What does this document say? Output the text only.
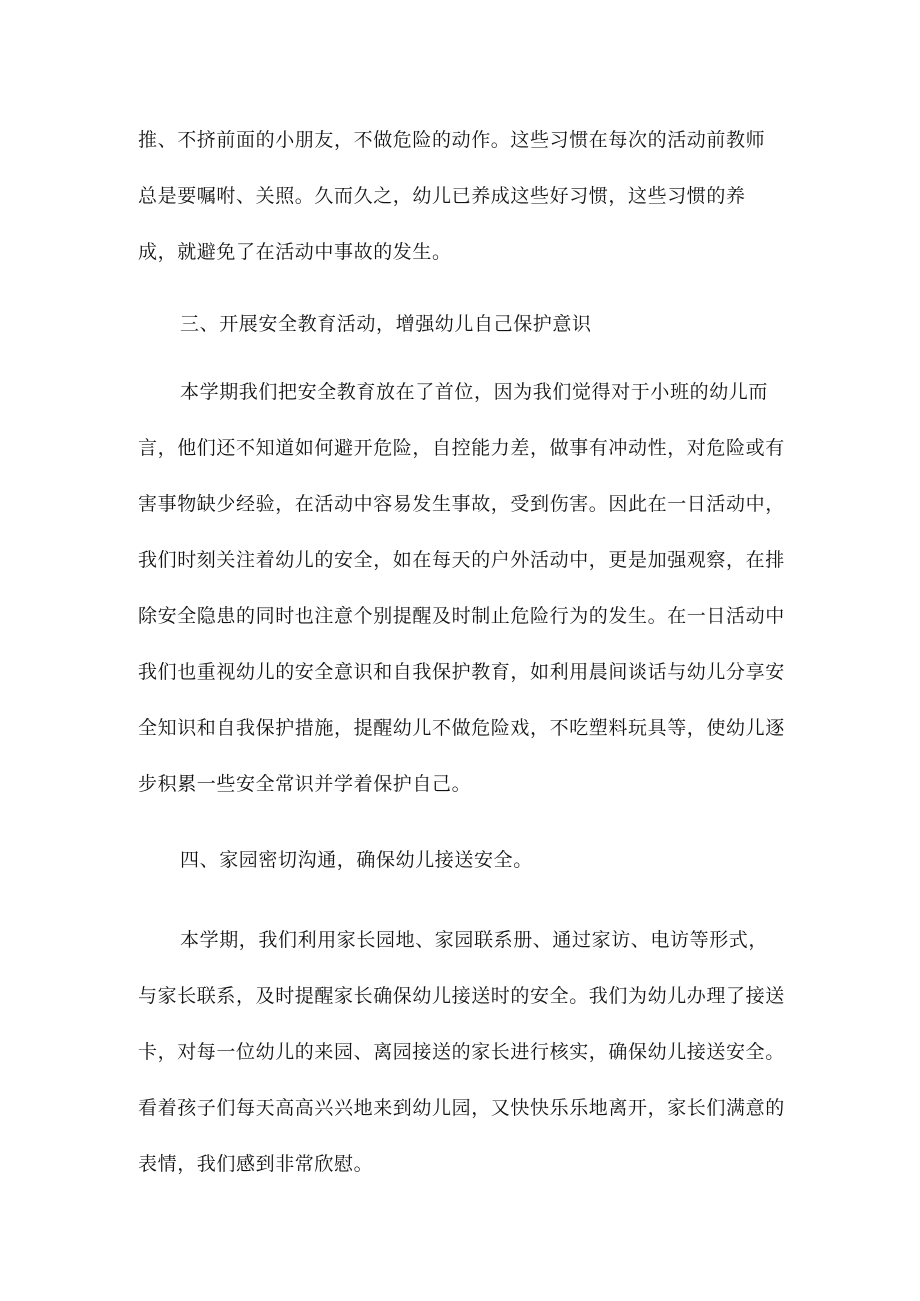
推、不挤前面的小朋友，不做危险的动作。这些习惯在每次的活动前教师
总是要嘱咐、关照。久而久之，幼儿已养成这些好习惯，这些习惯的养
成，就避免了在活动中事故的发生。
三、开展安全教育活动，增强幼儿自己保护意识
本学期我们把安全教育放在了首位，因为我们觉得对于小班的幼儿而
言，他们还不知道如何避开危险，自控能力差，做事有冲动性，对危险或有
害事物缺少经验，在活动中容易发生事故，受到伤害。因此在一日活动中，
我们时刻关注着幼儿的安全，如在每天的户外活动中，更是加强观察，在排
除安全隐患的同时也注意个别提醒及时制止危险行为的发生。在一日活动中
我们也重视幼儿的安全意识和自我保护教育，如利用晨间谈话与幼儿分享安
全知识和自我保护措施，提醒幼儿不做危险戏，不吃塑料玩具等，使幼儿逐
步积累一些安全常识并学着保护自己。
四、家园密切沟通，确保幼儿接送安全。
本学期，我们利用家长园地、家园联系册、通过家访、电访等形式，
与家长联系，及时提醒家长确保幼儿接送时的安全。我们为幼儿办理了接送
卡，对每一位幼儿的来园、离园接送的家长进行核实，确保幼儿接送安全。
看着孩子们每天高高兴兴地来到幼儿园，又快快乐乐地离开，家长们满意的
表情，我们感到非常欣慰。
